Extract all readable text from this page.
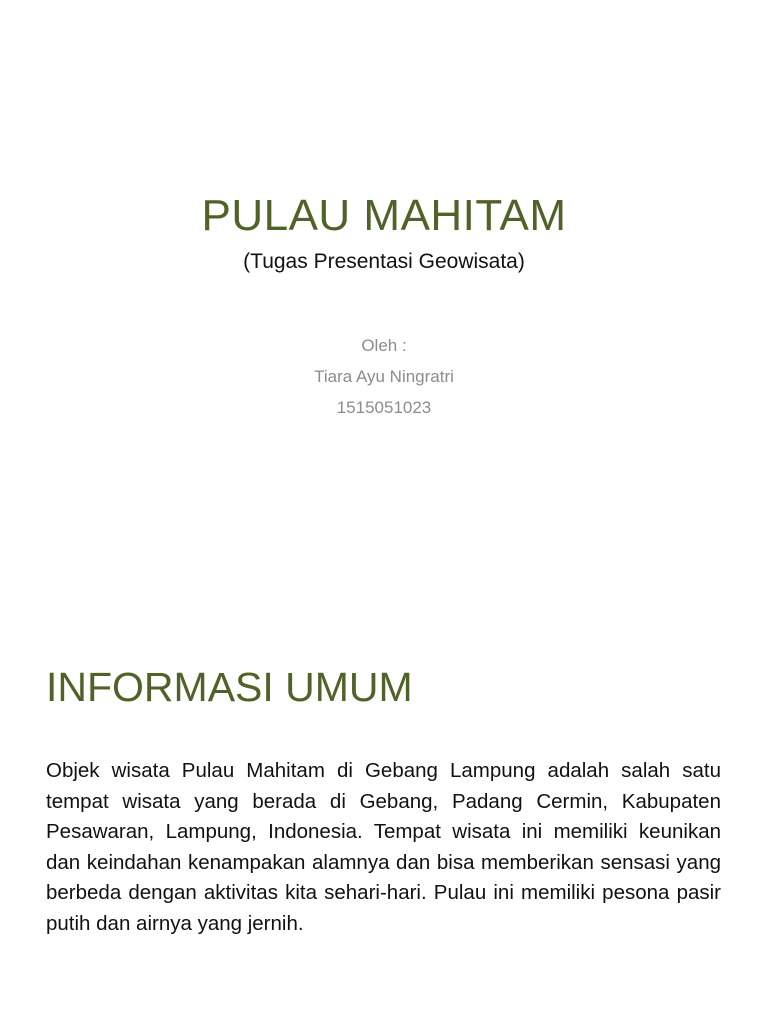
PULAU MAHITAM
(Tugas Presentasi Geowisata)
Oleh :
Tiara Ayu Ningratri
1515051023
INFORMASI UMUM
Objek wisata Pulau Mahitam di Gebang Lampung adalah salah satu tempat wisata yang berada di Gebang, Padang Cermin, Kabupaten Pesawaran, Lampung, Indonesia. Tempat wisata ini memiliki keunikan dan keindahan kenampakan alamnya dan bisa memberikan sensasi yang berbeda dengan aktivitas kita sehari-hari. Pulau ini memiliki pesona pasir putih dan airnya yang jernih.
